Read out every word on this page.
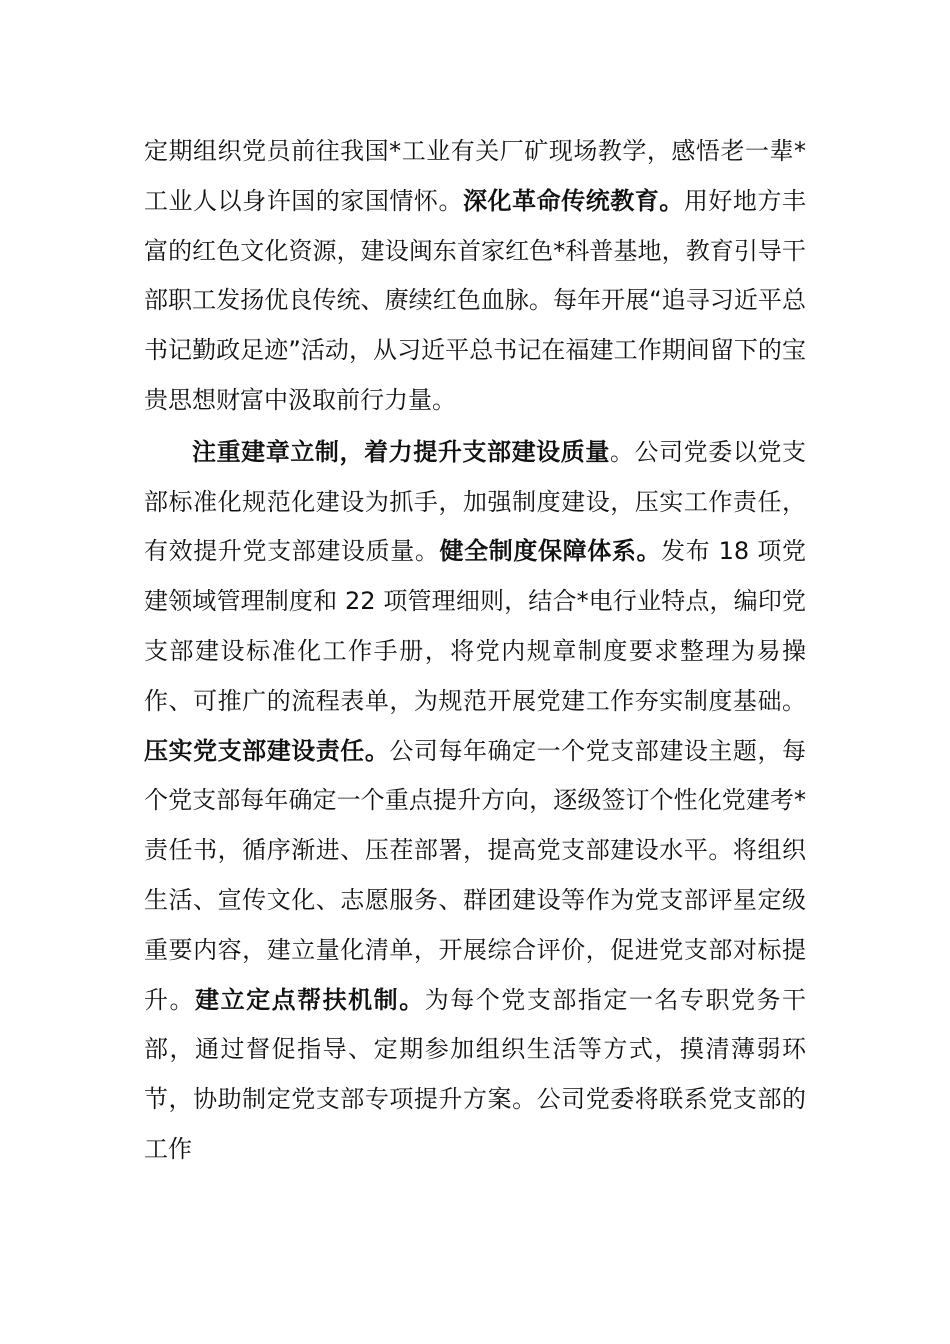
定期组织党员前往我国*工业有关厂矿现场教学，感悟老一辈*工业人以身许国的家国情怀。深化革命传统教育。用好地方丰富的红色文化资源，建设闽东首家红色*科普基地，教育引导干部职工发扬优良传统、赓续红色血脉。每年开展“追寻习近平总书记勤政足迹”活动，从习近平总书记在福建工作期间留下的宝贵思想财富中汲取前行力量。

注重建章立制，着力提升支部建设质量。公司党委以党支部标准化规范化建设为抓手，加强制度建设，压实工作责任，有效提升党支部建设质量。健全制度保障体系。发布 18 项党建领域管理制度和 22 项管理细则，结合*电行业特点，编印党支部建设标准化工作手册，将党内规章制度要求整理为易操作、可推广的流程表单，为规范开展党建工作夯实制度基础。压实党支部建设责任。公司每年确定一个党支部建设主题，每个党支部每年确定一个重点提升方向，逐级签订个性化党建考*责任书，循序渐进、压茬部署，提高党支部建设水平。将组织生活、宣传文化、志愿服务、群团建设等作为党支部评星定级重要内容，建立量化清单，开展综合评价，促进党支部对标提升。建立定点帮扶机制。为每个党支部指定一名专职党务干部，通过督促指导、定期参加组织生活等方式，摸清薄弱环节，协助制定党支部专项提升方案。公司党委将联系党支部的工作
